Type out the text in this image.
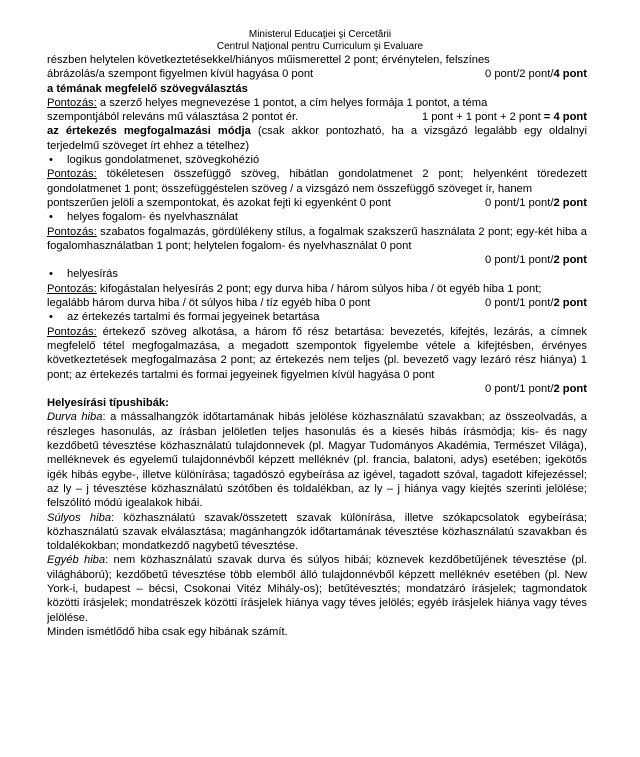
Ministerul Educaţiei şi Cercetării
Centrul Naţional pentru Curriculum şi Evaluare

részben helytelen következtetésekkel/hiányos műismerettel 2 pont; érvénytelen, felszínes

ábrázolás/a szempont figyelmen kívül hagyása 0 pont	0 pont/2 pont/4 pont

a témának megfelelő szövegválasztás

Pontozás: a szerző helyes megnevezése 1 pontot, a cím helyes formája 1 pontot, a téma

szempontjából releváns mű választása 2 pontot ér.	1 pont + 1 pont + 2 pont = 4 pont

az értekezés megfogalmazási módja (csak akkor pontozható, ha a vizsgázó legalább egy oldalnyi terjedelmű szöveget írt ehhez a tételhez)

• logikus gondolatmenet, szövegkohézió

Pontozás: tökéletesen összefüggő szöveg, hibátlan gondolatmenet 2 pont; helyenként töredezett gondolatmenet 1 pont; összefüggéstelen szöveg / a vizsgázó nem összefüggő szöveget ír, hanem

pontszerűen jelöli a szempontokat, és azokat fejti ki egyenként 0 pont	0 pont/1 pont/2 pont
• helyes fogalom- és nyelvhasználat

Pontozás: szabatos fogalmazás, gördülékeny stílus, a fogalmak szakszerű használata 2 pont; egy-két hiba a fogalomhasználatban 1 pont; helytelen fogalom- és nyelvhasználat 0 pont

0 pont/1 pont/2 pont
• helyesírás

Pontozás: kifogástalan helyesírás 2 pont; egy durva hiba / három súlyos hiba / öt egyéb hiba 1 pont;

legalább három durva hiba / öt súlyos hiba / tíz egyéb hiba 0 pont	0 pont/1 pont/2 pont
• az értekezés tartalmi és formai jegyeinek betartása

Pontozás: értekező szöveg alkotása, a három fő rész betartása: bevezetés, kifejtés, lezárás, a címnek megfelelő tétel megfogalmazása, a megadott szempontok figyelembe vétele a kifejtésben, érvényes következtetések megfogalmazása 2 pont; az értekezés nem teljes (pl. bevezető vagy lezáró rész hiánya) 1 pont; az értekezés tartalmi és formai jegyeinek figyelmen kívül hagyása 0 pont

0 pont/1 pont/2 pont

Helyesírási típushibák:

Durva hiba: a mássalhangzók időtartamának hibás jelölése közhasználatú szavakban; az összeolvadás, a részleges hasonulás, az írásban jelöletlen teljes hasonulás és a kiesés hibás írásmódja; kis- és nagy kezdőbetű tévesztése közhasználatú tulajdonnevek (pl. Magyar Tudományos Akadémia, Természet Világa), melléknevek és egyelemű tulajdonnévből képzett melléknév (pl. francia, balatoni, adys) esetében; igekötős igék hibás egybe-, illetve különírása; tagadószó egybeírása az igével, tagadott szóval, tagadott kifejezéssel; az ly – j tévesztése közhasználatú szótőben és toldalékban, az ly – j hiánya vagy kiejtés szerinti jelölése; felszólító módú igealakok hibái.

Súlyos hiba: közhasználatú szavak/összetett szavak különírása, illetve szókapcsolatok egybeírása; közhasználatú szavak elválasztása; magánhangzók időtartamának tévesztése közhasználatú szavakban és toldalékokban; mondatkezdő nagybetű tévesztése.

Egyéb hiba: nem közhasználatú szavak durva és súlyos hibái; köznevek kezdőbetűjének tévesztése (pl. világháború); kezdőbetű tévesztése több elemből álló tulajdonnévből képzett melléknév esetében (pl. New York-i, budapest – bécsi, Csokonai Vitéz Mihály-os); betűtévesztés; mondatzáró írásjelek; tagmondatok közötti írásjelek; mondatrészek közötti írásjelek hiánya vagy téves jelölés; egyéb írásjelek hiánya vagy téves jelölése.

Minden ismétlődő hiba csak egy hibának számít.
